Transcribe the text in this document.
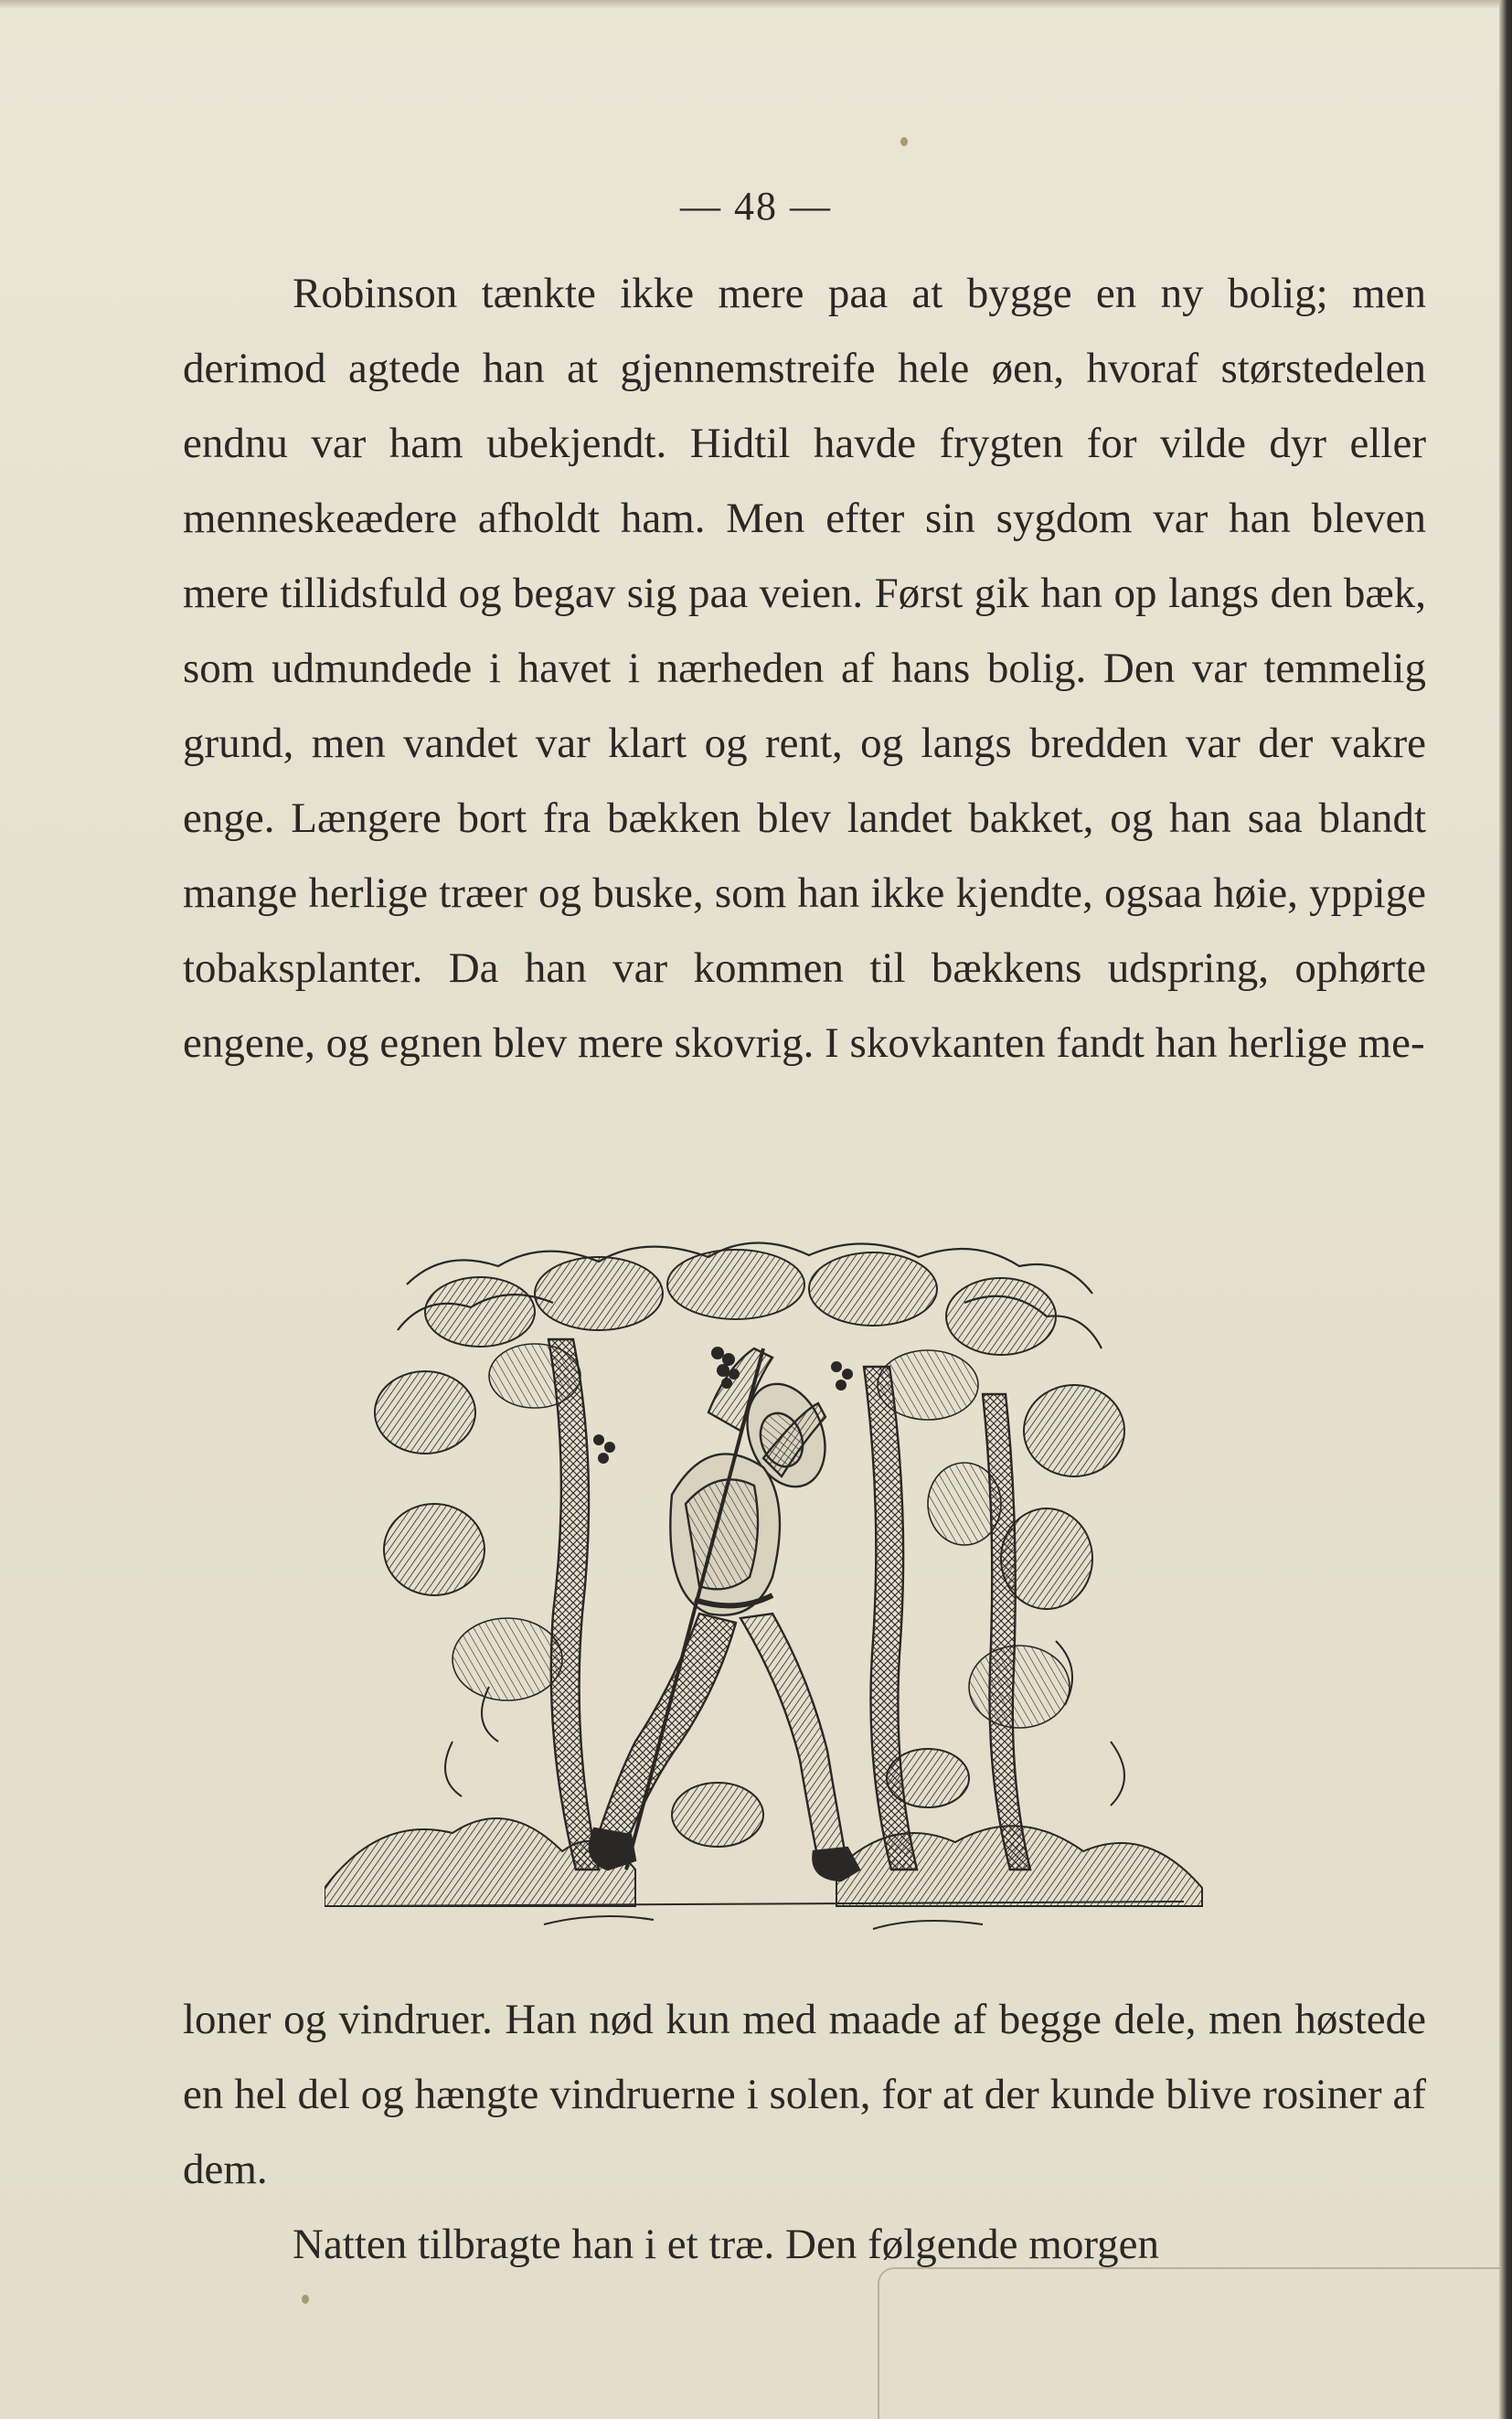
— 48 —

Robinson tænkte ikke mere paa at bygge en ny bolig; men derimod agtede han at gjennemstreife hele øen, hvoraf størstedelen endnu var ham ubekjendt. Hidtil havde frygten for vilde dyr eller menneskeædere afholdt ham. Men efter sin sygdom var han bleven mere tillidsfuld og begav sig paa veien. Først gik han op langs den bæk, som udmundede i havet i nærheden af hans bolig. Den var temmelig grund, men vandet var klart og rent, og langs bredden var der vakre enge. Længere bort fra bækken blev landet bakket, og han saa blandt mange herlige træer og buske, som han ikke kjendte, ogsaa høie, yppige tobaksplanter. Da han var kommen til bækkens udspring, ophørte engene, og egnen blev mere skovrig. I skovkanten fandt han herlige me-

loner og vindruer. Han nød kun med maade af begge dele, men høstede en hel del og hængte vindruerne i solen, for at der kunde blive rosiner af dem.

Natten tilbragte han i et træ. Den følgende morgen
